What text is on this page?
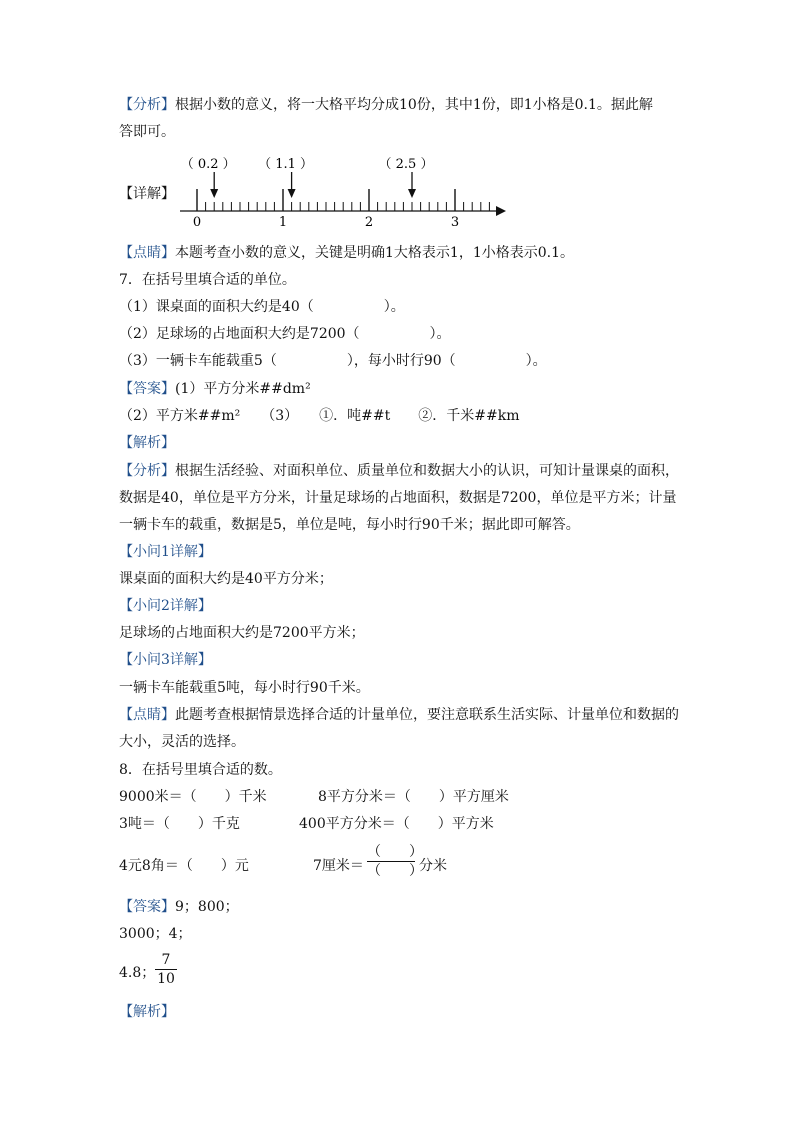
【分析】根据小数的意义，将一大格平均分成10份，其中1份，即1小格是0.1。据此解
答即可。
【详解】
0	1	2	3
（ 0.2 ） （ 1.1 ）	（ 2.5 ）
【点睛】本题考查小数的意义，关键是明确1大格表示1，1小格表示0.1。
7．在括号里填合适的单位。
（1）课桌面的面积大约是40（　　　　　）。
（2）足球场的占地面积大约是7200（　　　　　）。
（3）一辆卡车能载重5（　　　　　），每小时行90（　　　　　）。
【答案】(1）平方分米##dm²
（2）平方米##m²　　（3）　　①．吨##t　　②．千米##km
【解析】
【分析】根据生活经验、对面积单位、质量单位和数据大小的认识，可知计量课桌的面积，
数据是40，单位是平方分米，计量足球场的占地面积，数据是7200，单位是平方米；计量
一辆卡车的载重，数据是5，单位是吨，每小时行90千米；据此即可解答。
【小问1详解】
课桌面的面积大约是40平方分米；
【小问2详解】
足球场的占地面积大约是7200平方米；
【小问3详解】
一辆卡车能载重5吨，每小时行90千米。
【点睛】此题考查根据情景选择合适的计量单位，要注意联系生活实际、计量单位和数据的
大小，灵活的选择。
8．在括号里填合适的数。
9000米＝（　　）千米	8平方分米＝（　　）平方厘米
3吨＝（　　）千克	400平方分米＝（　　）平方米
4元8角＝（　　）元	7厘米＝
（　　）
（　　）
分米
【答案】9；800；
3000；4；
4.8；
7
10
【解析】
